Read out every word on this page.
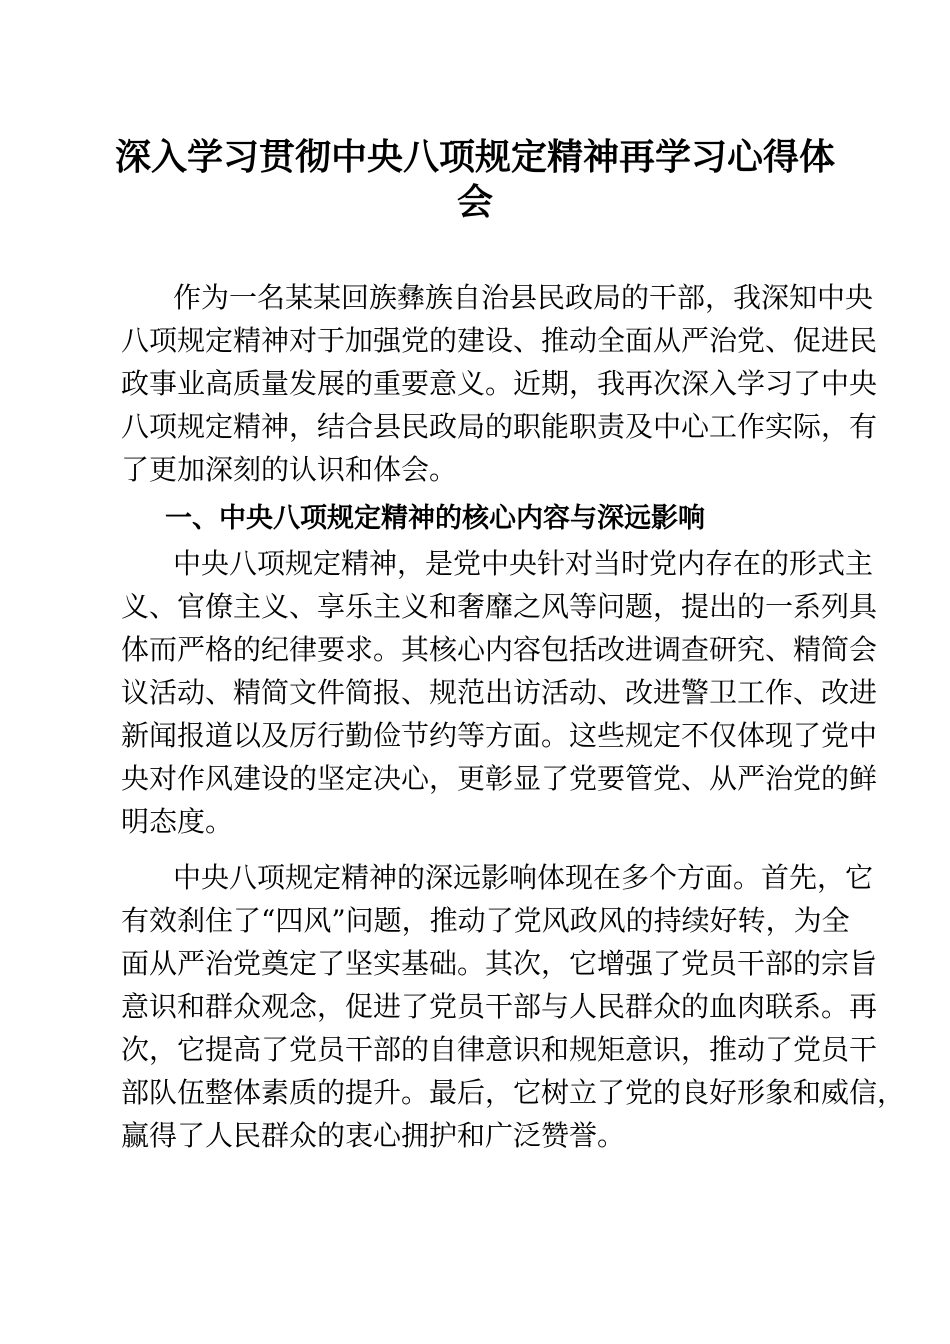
深入学习贯彻中央八项规定精神再学习心得体
会
作为一名某某回族彝族自治县民政局的干部，我深知中央
八项规定精神对于加强党的建设、推动全面从严治党、促进民
政事业高质量发展的重要意义。近期，我再次深入学习了中央
八项规定精神，结合县民政局的职能职责及中心工作实际，有
了更加深刻的认识和体会。
一、中央八项规定精神的核心内容与深远影响
中央八项规定精神，是党中央针对当时党内存在的形式主
义、官僚主义、享乐主义和奢靡之风等问题，提出的一系列具
体而严格的纪律要求。其核心内容包括改进调查研究、精简会
议活动、精简文件简报、规范出访活动、改进警卫工作、改进
新闻报道以及厉行勤俭节约等方面。这些规定不仅体现了党中
央对作风建设的坚定决心，更彰显了党要管党、从严治党的鲜
明态度。
中央八项规定精神的深远影响体现在多个方面。首先，它
有效刹住了“四风”问题，推动了党风政风的持续好转，为全
面从严治党奠定了坚实基础。其次，它增强了党员干部的宗旨
意识和群众观念，促进了党员干部与人民群众的血肉联系。再
次，它提高了党员干部的自律意识和规矩意识，推动了党员干
部队伍整体素质的提升。最后，它树立了党的良好形象和威信，
赢得了人民群众的衷心拥护和广泛赞誉。
